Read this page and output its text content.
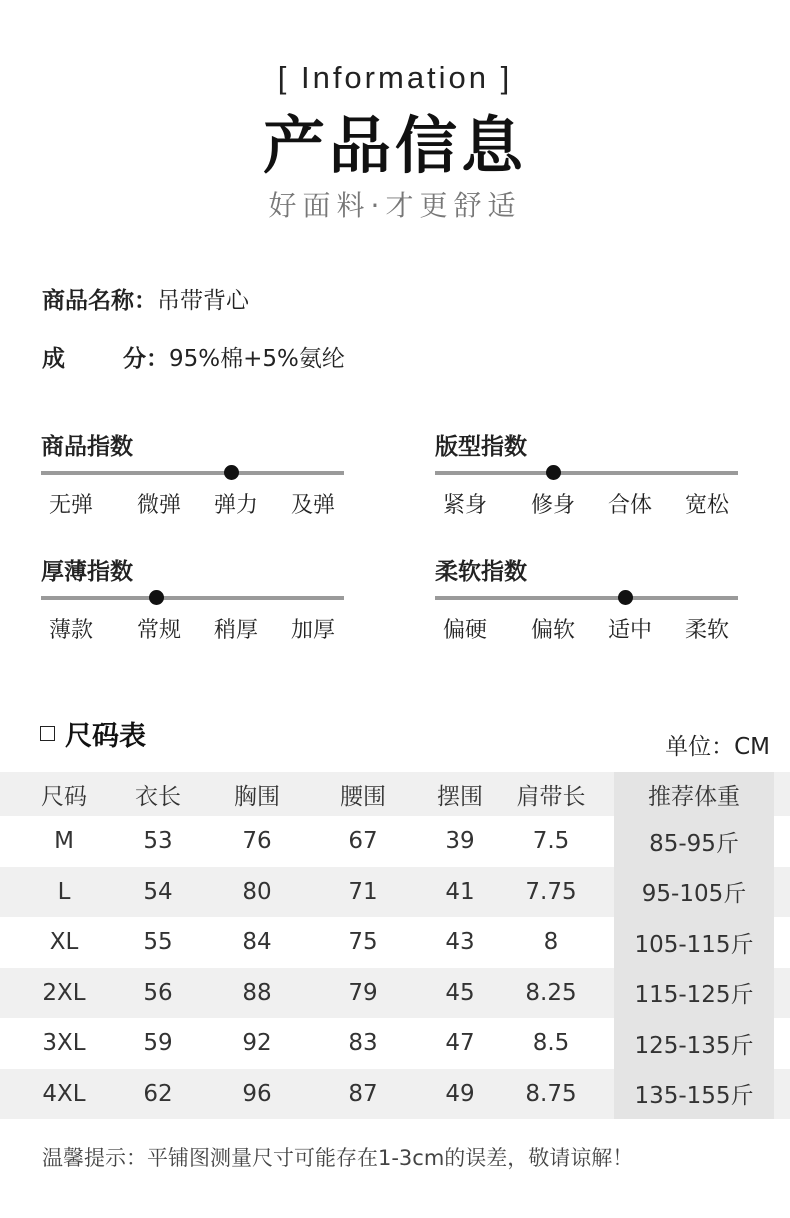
[ Information ]
产品信息
好面料·才更舒适
商品名称：吊带背心
成	分：95%棉+5%氨纶
商品指数
无弹	微弹	弹力	及弹
版型指数
紧身	修身	合体	宽松
厚薄指数
薄款	常规	稍厚	加厚
柔软指数
偏硬	偏软	适中	柔软
尺码表	单位：CM
尺码	衣长	胸围	腰围	摆围	肩带长	推荐体重
M	53	76	67	39	7.5	85-95斤
L	54	80	71	41	7.75	95-105斤
XL	55	84	75	43	8	105-115斤
2XL	56	88	79	45	8.25	115-125斤
3XL	59	92	83	47	8.5	125-135斤
4XL	62	96	87	49	8.75	135-155斤
温馨提示：平铺图测量尺寸可能存在1-3cm的误差，敬请谅解！
